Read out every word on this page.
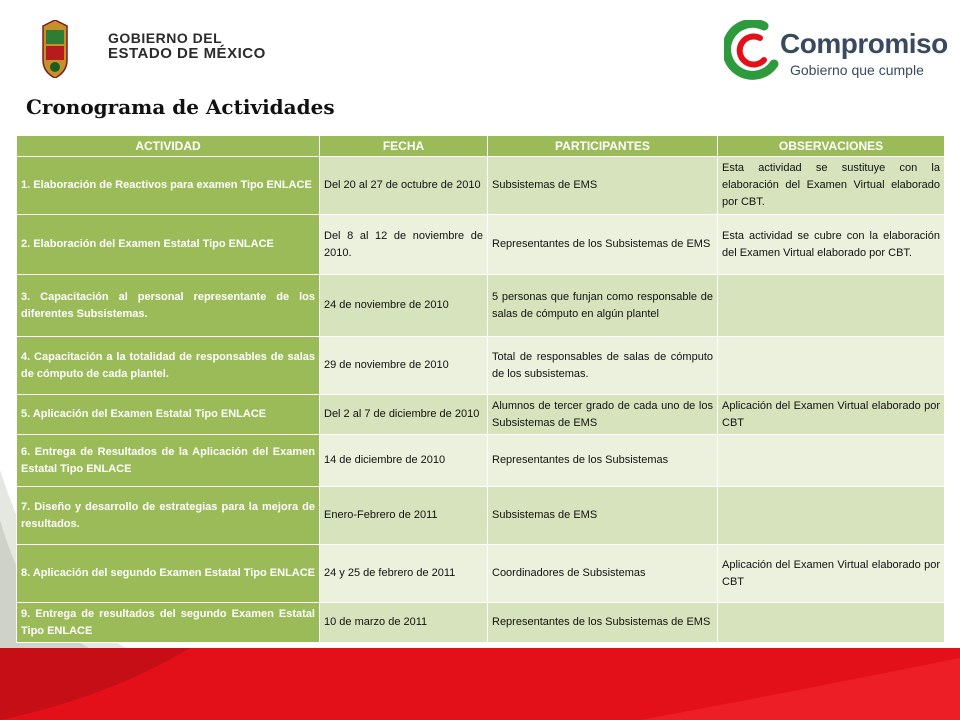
GOBIERNO DEL
ESTADO DE MÉXICO	Compromiso
Gobierno que cumple
Cronograma de Actividades
ACTIVIDAD	FECHA	PARTICIPANTES	OBSERVACIONES
1. Elaboración de Reactivos para examen Tipo ENLACE	Del 20 al 27 de octubre de 2010	Subsistemas de EMS	Esta actividad se sustituye con la elaboración del Examen Virtual elaborado por CBT.
2. Elaboración del Examen Estatal Tipo ENLACE	Del 8 al 12 de noviembre de 2010.	Representantes de los Subsistemas de EMS	Esta actividad se cubre con la elaboración del Examen Virtual elaborado por CBT.
3. Capacitación al personal representante de los diferentes Subsistemas.	24 de noviembre de 2010	5 personas que funjan como responsable de salas de cómputo en algún plantel	
4. Capacitación a la totalidad de responsables de salas de cómputo de cada plantel.	29 de noviembre de 2010	Total de responsables de salas de cómputo de los subsistemas.	
5. Aplicación del Examen Estatal Tipo ENLACE	Del 2 al 7 de diciembre de 2010	Alumnos de tercer grado de cada uno de los Subsistemas de EMS	Aplicación del Examen Virtual elaborado por CBT
6. Entrega de Resultados de la Aplicación del Examen Estatal Tipo ENLACE	14 de diciembre de 2010	Representantes de los Subsistemas	
7. Diseño y desarrollo de estrategias para la mejora de resultados.	Enero-Febrero de 2011	Subsistemas de EMS	
8. Aplicación del segundo Examen Estatal Tipo ENLACE	24 y 25 de febrero de 2011	Coordinadores de Subsistemas	Aplicación del Examen Virtual elaborado por CBT
9. Entrega de resultados del segundo Examen Estatal Tipo ENLACE	10 de marzo de 2011	Representantes de los Subsistemas de EMS	
